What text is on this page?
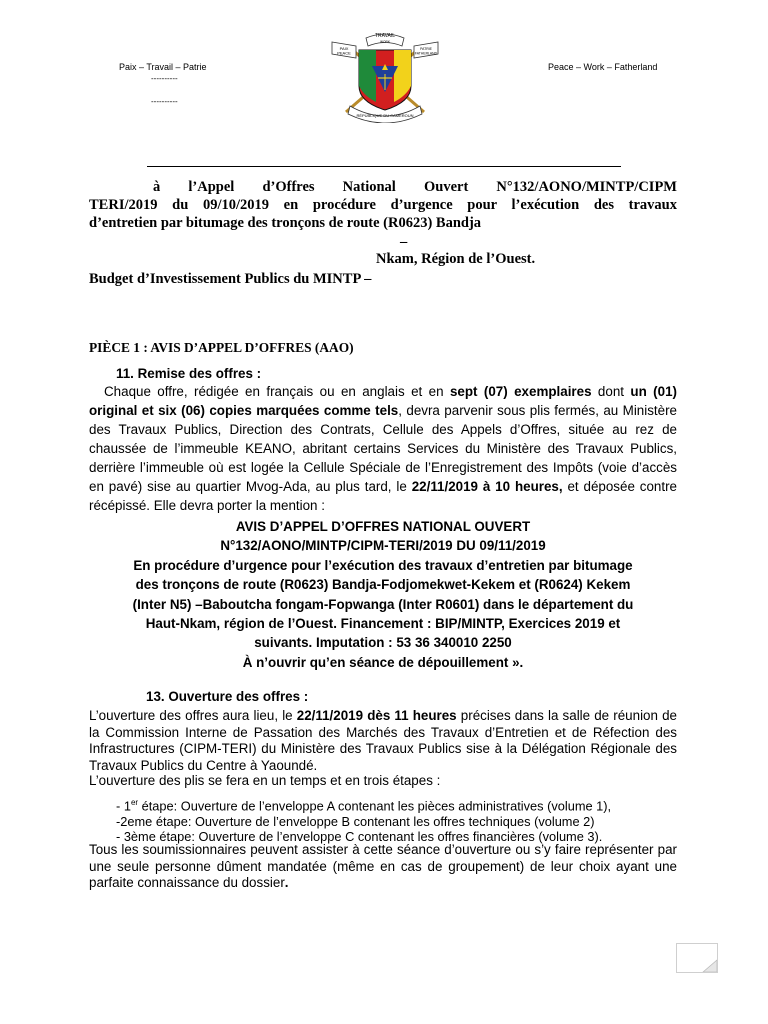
Paix – Travail – Patrie
----------
----------
Peace – Work – Fatherland
TRAVAIL
WORK
PAIX PEACE
PATRIE FATHERLAND
RÉPUBLIQUE DU CAMEROUN
à l’Appel d’Offres National Ouvert N°132/AONO/MINTP/CIPM
TERI/2019 du 09/10/2019 en procédure d’urgence pour l’exécution des travaux
d’entretien par bitumage des tronçons de route (R0623) Bandja
–
Nkam, Région de l’Ouest.
Budget d’Investissement Publics du MINTP –
PIÈCE 1 : AVIS D’APPEL D’OFFRES (AAO)
11. Remise des offres :
Chaque offre, rédigée en français ou en anglais et en sept (07) exemplaires dont un (01) original et six (06) copies marquées comme tels, devra parvenir sous plis fermés, au Ministère des Travaux Publics, Direction des Contrats, Cellule des Appels d’Offres, située au rez de chaussée de l’immeuble KEANO, abritant certains Services du Ministère des Travaux Publics, derrière l’immeuble où est logée la Cellule Spéciale de l’Enregistrement des Impôts (voie d’accès en pavé) sise au quartier Mvog-Ada, au plus tard, le 22/11/2019 à 10 heures, et déposée contre récépissé. Elle devra porter la mention :
AVIS D’APPEL D’OFFRES NATIONAL OUVERT
N°132/AONO/MINTP/CIPM-TERI/2019 DU 09/11/2019
En procédure d’urgence pour l’exécution des travaux d’entretien par bitumage
des tronçons de route (R0623) Bandja-Fodjomekwet-Kekem et (R0624) Kekem
(Inter N5) –Baboutcha fongam-Fopwanga (Inter R0601) dans le département du
Haut-Nkam, région de l’Ouest. Financement : BIP/MINTP, Exercices 2019 et
suivants. Imputation : 53 36 340010 2250
À n’ouvrir qu’en séance de dépouillement ».
13. Ouverture des offres :
L’ouverture des offres aura lieu, le 22/11/2019 dès 11 heures précises dans la salle de réunion de la Commission Interne de Passation des Marchés des Travaux d’Entretien et de Réfection des Infrastructures (CIPM-TERI) du Ministère des Travaux Publics sise à la Délégation Régionale des Travaux Publics du Centre à Yaoundé.
L’ouverture des plis se fera en un temps et en trois étapes :
- 1er étape: Ouverture de l’enveloppe A contenant les pièces administratives (volume 1),
-2eme étape: Ouverture de l’enveloppe B contenant les offres techniques (volume 2)
- 3ème étape: Ouverture de l’enveloppe C contenant les offres financières (volume 3).
Tous les soumissionnaires peuvent assister à cette séance d’ouverture ou s’y faire représenter par une seule personne dûment mandatée (même en cas de groupement) de leur choix ayant une parfaite connaissance du dossier.
